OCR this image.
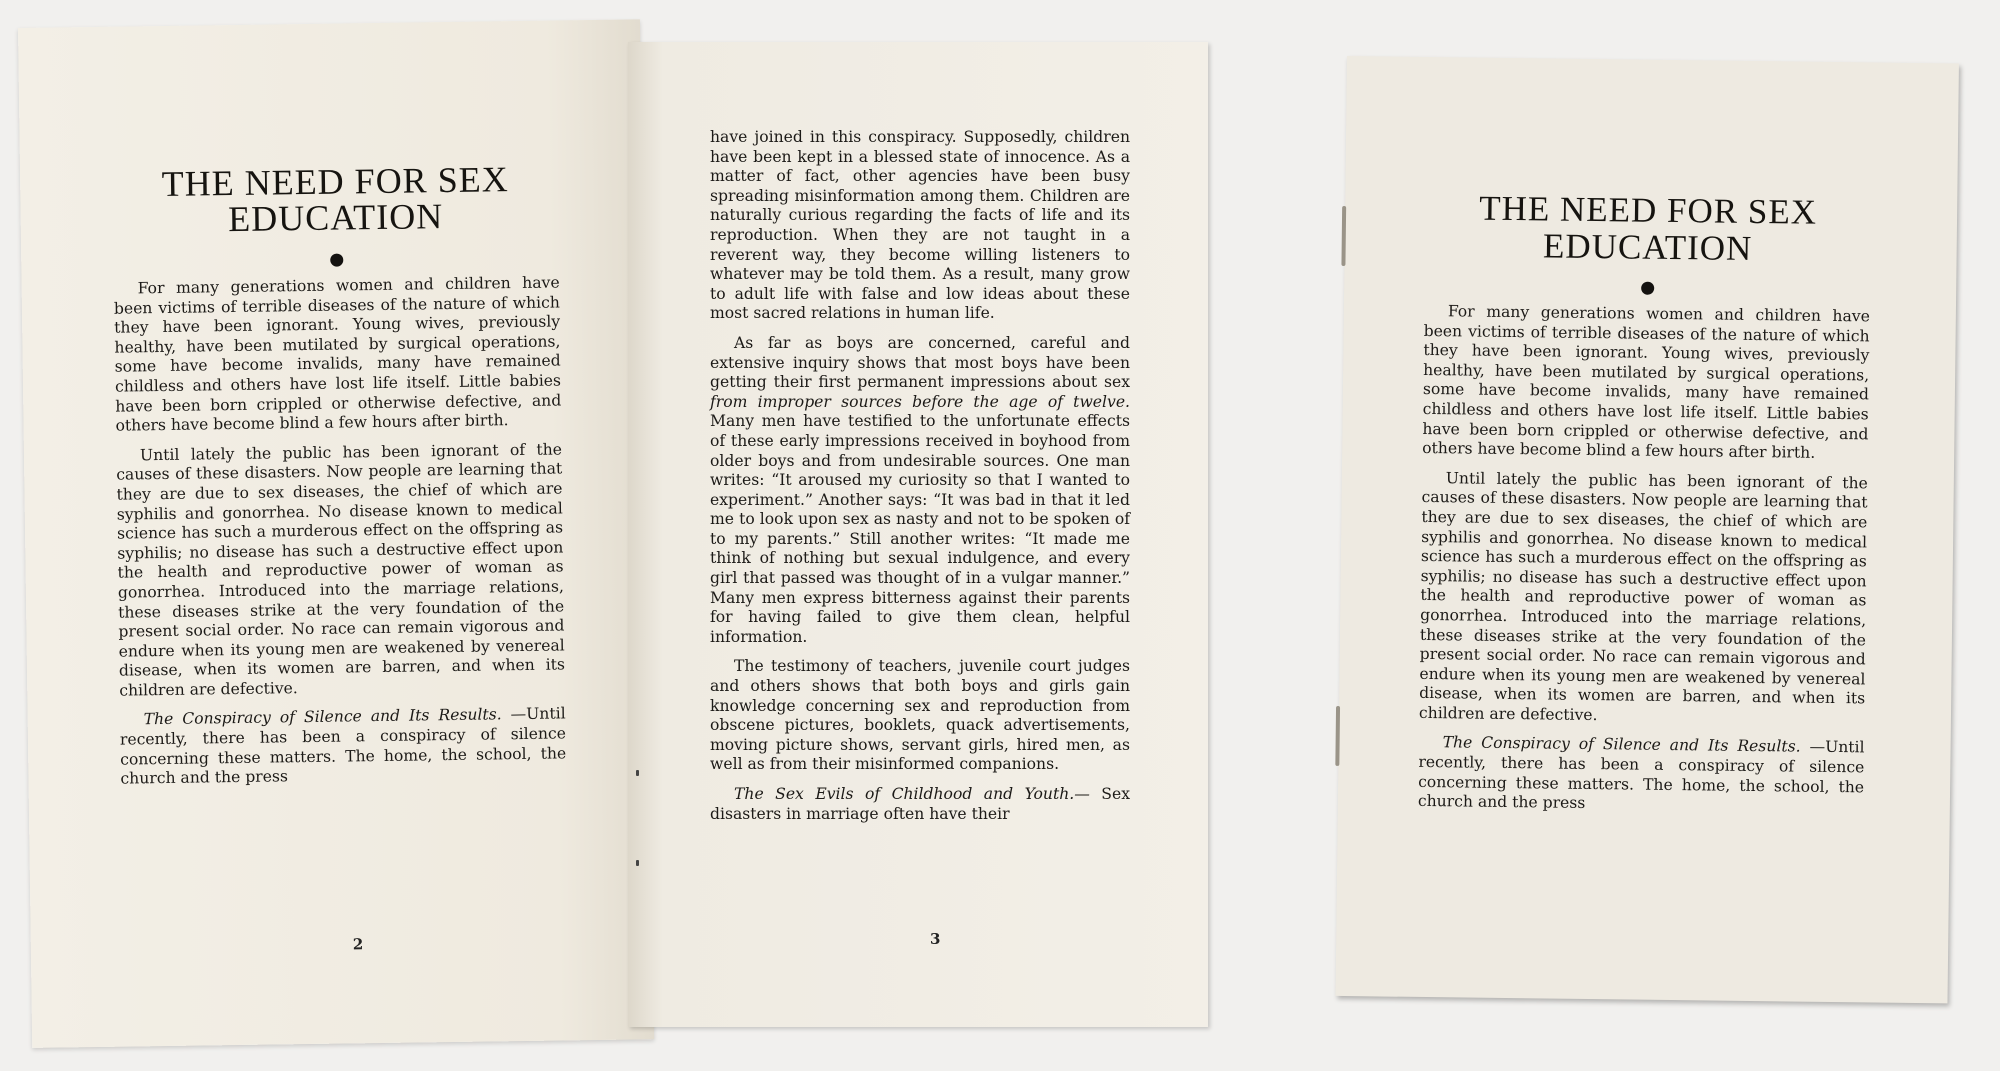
THE NEED FOR SEX
EDUCATION

For many generations women and children have been victims of terrible diseases of the nature of which they have been ignorant. Young wives, previously healthy, have been mutilated by surgical operations, some have become invalids, many have remained childless and others have lost life itself. Little babies have been born crippled or otherwise defective, and others have become blind a few hours after birth.

Until lately the public has been ignorant of the causes of these disasters. Now people are learning that they are due to sex diseases, the chief of which are syphilis and gonorrhea. No disease known to medical science has such a murderous effect on the offspring as syphilis; no disease has such a destructive effect upon the health and reproductive power of woman as gonorrhea. Introduced into the marriage relations, these diseases strike at the very foundation of the present social order. No race can remain vigorous and endure when its young men are weakened by venereal disease, when its women are barren, and when its children are defective.

The Conspiracy of Silence and Its Results. —Until recently, there has been a conspiracy of silence concerning these matters. The home, the school, the church and the press

2

have joined in this conspiracy. Supposedly, children have been kept in a blessed state of innocence. As a matter of fact, other agencies have been busy spreading misinformation among them. Children are naturally curious regarding the facts of life and its reproduction. When they are not taught in a reverent way, they become willing listeners to whatever may be told them. As a result, many grow to adult life with false and low ideas about these most sacred relations in human life.

As far as boys are concerned, careful and extensive inquiry shows that most boys have been getting their first permanent impressions about sex from improper sources before the age of twelve. Many men have testified to the unfortunate effects of these early impressions received in boyhood from older boys and from undesirable sources. One man writes: “It aroused my curiosity so that I wanted to experiment.” Another says: “It was bad in that it led me to look upon sex as nasty and not to be spoken of to my parents.” Still another writes: “It made me think of nothing but sexual indulgence, and every girl that passed was thought of in a vulgar manner.” Many men express bitterness against their parents for having failed to give them clean, helpful information.

The testimony of teachers, juvenile court judges and others shows that both boys and girls gain knowledge concerning sex and reproduction from obscene pictures, booklets, quack advertisements, moving picture shows, servant girls, hired men, as well as from their misinformed companions.

The Sex Evils of Childhood and Youth.— Sex disasters in marriage often have their

3
THE NEED FOR SEX
EDUCATION

For many generations women and children have been victims of terrible diseases of the nature of which they have been ignorant. Young wives, previously healthy, have been mutilated by surgical operations, some have become invalids, many have remained childless and others have lost life itself. Little babies have been born crippled or otherwise defective, and others have become blind a few hours after birth.

Until lately the public has been ignorant of the causes of these disasters. Now people are learning that they are due to sex diseases, the chief of which are syphilis and gonorrhea. No disease known to medical science has such a murderous effect on the offspring as syphilis; no disease has such a destructive effect upon the health and reproductive power of woman as gonorrhea. Introduced into the marriage relations, these diseases strike at the very foundation of the present social order. No race can remain vigorous and endure when its young men are weakened by venereal disease, when its women are barren, and when its children are defective.

The Conspiracy of Silence and Its Results. —Until recently, there has been a conspiracy of silence concerning these matters. The home, the school, the church and the press
